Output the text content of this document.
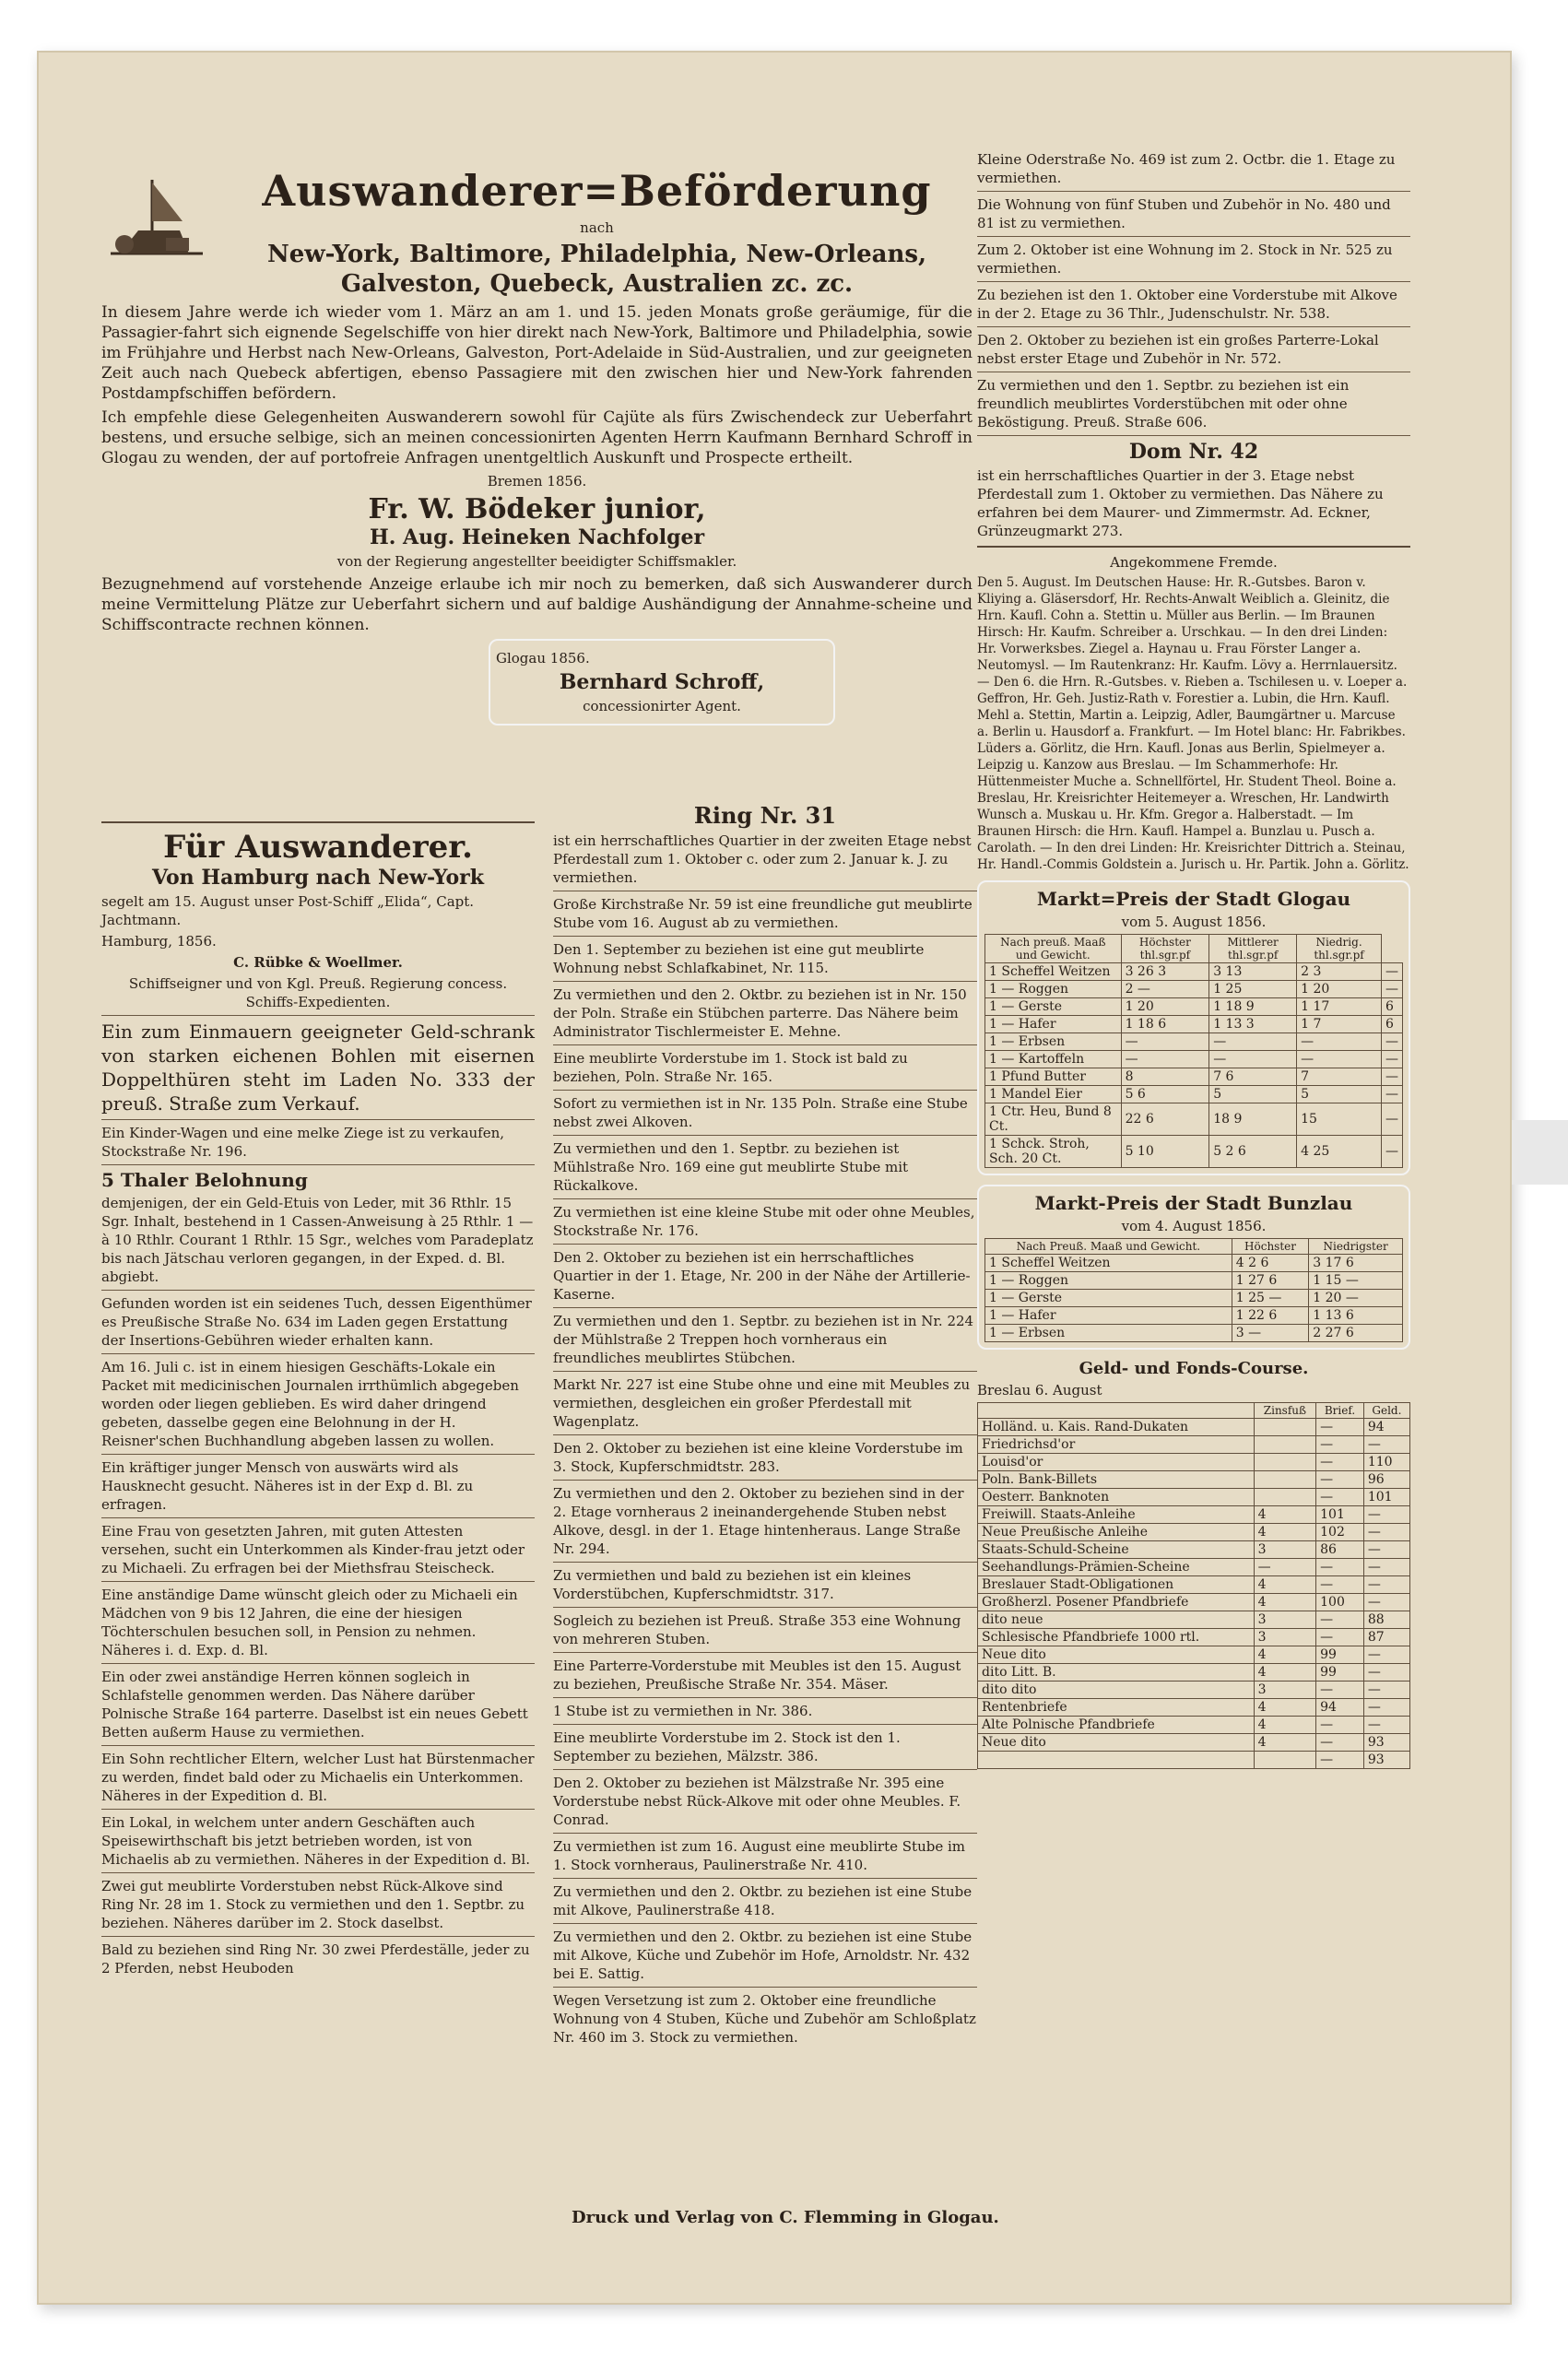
Auswanderer=Beförderung
nach
New-York, Baltimore, Philadelphia, New-Orleans, Galveston, Quebeck, Australien zc. zc.

In diesem Jahre werde ich wieder vom 1. März an am 1. und 15. jeden Monats große geräumige, für die Passagier-fahrt sich eignende Segelschiffe von hier direkt nach New-York, Baltimore und Philadelphia, sowie im Frühjahre und Herbst nach New-Orleans, Galveston, Port-Adelaide in Süd-Australien, und zur geeigneten Zeit auch nach Quebeck abfertigen, ebenso Passagiere mit den zwischen hier und New-York fahrenden Postdampfschiffen befördern.

Ich empfehle diese Gelegenheiten Auswanderern sowohl für Cajüte als fürs Zwischendeck zur Ueberfahrt bestens, und ersuche selbige, sich an meinen concessionirten Agenten Herrn Kaufmann Bernhard Schroff in Glogau zu wenden, der auf portofreie Anfragen unentgeltlich Auskunft und Prospecte ertheilt.

Bremen 1856.
Fr. W. Bödeker junior,
H. Aug. Heineken Nachfolger
von der Regierung angestellter beeidigter Schiffsmakler.

Bezugnehmend auf vorstehende Anzeige erlaube ich mir noch zu bemerken, daß sich Auswanderer durch meine Vermittelung Plätze zur Ueberfahrt sichern und auf baldige Aushändigung der Annahme-scheine und Schiffscontracte rechnen können.

Glogau 1856.
Bernhard Schroff,
concessionirter Agent.
Für Auswanderer.
Von Hamburg nach New-York

segelt am 15. August unser Post-Schiff „Elida“, Capt. Jachtmann.

Hamburg, 1856.

C. Rübke & Woellmer.

Schiffseigner und von Kgl. Preuß. Regierung concess. Schiffs-Expedienten.

Ein zum Einmauern geeigneter Geld-schrank von starken eichenen Bohlen mit eisernen Doppelthüren steht im Laden No. 333 der preuß. Straße zum Verkauf.

Ein Kinder-Wagen und eine melke Ziege ist zu verkaufen, Stockstraße Nr. 196.

5 Thaler Belohnung

demjenigen, der ein Geld-Etuis von Leder, mit 36 Rthlr. 15 Sgr. Inhalt, bestehend in 1 Cassen-Anweisung à 25 Rthlr. 1 — à 10 Rthlr. Courant 1 Rthlr. 15 Sgr., welches vom Paradeplatz bis nach Jätschau verloren gegangen, in der Exped. d. Bl. abgiebt.

Gefunden worden ist ein seidenes Tuch, dessen Eigenthümer es Preußische Straße No. 634 im Laden gegen Erstattung der Insertions-Gebühren wieder erhalten kann.

Am 16. Juli c. ist in einem hiesigen Geschäfts-Lokale ein Packet mit medicinischen Journalen irrthümlich abgegeben worden oder liegen geblieben. Es wird daher dringend gebeten, dasselbe gegen eine Belohnung in der H. Reisner'schen Buchhandlung abgeben lassen zu wollen.

Ein kräftiger junger Mensch von auswärts wird als Hausknecht gesucht. Näheres ist in der Exp d. Bl. zu erfragen.

Eine Frau von gesetzten Jahren, mit guten Attesten versehen, sucht ein Unterkommen als Kinder-frau jetzt oder zu Michaeli. Zu erfragen bei der Miethsfrau Steischeck.

Eine anständige Dame wünscht gleich oder zu Michaeli ein Mädchen von 9 bis 12 Jahren, die eine der hiesigen Töchterschulen besuchen soll, in Pension zu nehmen. Näheres i. d. Exp. d. Bl.

Ein oder zwei anständige Herren können sogleich in Schlafstelle genommen werden. Das Nähere darüber Polnische Straße 164 parterre. Daselbst ist ein neues Gebett Betten außerm Hause zu vermiethen.

Ein Sohn rechtlicher Eltern, welcher Lust hat Bürstenmacher zu werden, findet bald oder zu Michaelis ein Unterkommen. Näheres in der Expedition d. Bl.

Ein Lokal, in welchem unter andern Geschäften auch Speisewirthschaft bis jetzt betrieben worden, ist von Michaelis ab zu vermiethen. Näheres in der Expedition d. Bl.

Zwei gut meublirte Vorderstuben nebst Rück-Alkove sind Ring Nr. 28 im 1. Stock zu vermiethen und den 1. Septbr. zu beziehen. Näheres darüber im 2. Stock daselbst.

Bald zu beziehen sind Ring Nr. 30 zwei Pferdeställe, jeder zu 2 Pferden, nebst Heuboden

Ring Nr. 31

ist ein herrschaftliches Quartier in der zweiten Etage nebst Pferdestall zum 1. Oktober c. oder zum 2. Januar k. J. zu vermiethen.

Große Kirchstraße Nr. 59 ist eine freundliche gut meublirte Stube vom 16. August ab zu vermiethen.

Den 1. September zu beziehen ist eine gut meublirte Wohnung nebst Schlafkabinet, Nr. 115.

Zu vermiethen und den 2. Oktbr. zu beziehen ist in Nr. 150 der Poln. Straße ein Stübchen parterre. Das Nähere beim Administrator Tischlermeister E. Mehne.

Eine meublirte Vorderstube im 1. Stock ist bald zu beziehen, Poln. Straße Nr. 165.

Sofort zu vermiethen ist in Nr. 135 Poln. Straße eine Stube nebst zwei Alkoven.

Zu vermiethen und den 1. Septbr. zu beziehen ist Mühlstraße Nro. 169 eine gut meublirte Stube mit Rückalkove.

Zu vermiethen ist eine kleine Stube mit oder ohne Meubles, Stockstraße Nr. 176.

Den 2. Oktober zu beziehen ist ein herrschaftliches Quartier in der 1. Etage, Nr. 200 in der Nähe der Artillerie-Kaserne.

Zu vermiethen und den 1. Septbr. zu beziehen ist in Nr. 224 der Mühlstraße 2 Treppen hoch vornheraus ein freundliches meublirtes Stübchen.

Markt Nr. 227 ist eine Stube ohne und eine mit Meubles zu vermiethen, desgleichen ein großer Pferdestall mit Wagenplatz.

Den 2. Oktober zu beziehen ist eine kleine Vorderstube im 3. Stock, Kupferschmidtstr. 283.

Zu vermiethen und den 2. Oktober zu beziehen sind in der 2. Etage vornheraus 2 ineinandergehende Stuben nebst Alkove, desgl. in der 1. Etage hintenheraus. Lange Straße Nr. 294.

Zu vermiethen und bald zu beziehen ist ein kleines Vorderstübchen, Kupferschmidtstr. 317.

Sogleich zu beziehen ist Preuß. Straße 353 eine Wohnung von mehreren Stuben.

Eine Parterre-Vorderstube mit Meubles ist den 15. August zu beziehen, Preußische Straße Nr. 354. Mäser.

1 Stube ist zu vermiethen in Nr. 386.

Eine meublirte Vorderstube im 2. Stock ist den 1. September zu beziehen, Mälzstr. 386.

Den 2. Oktober zu beziehen ist Mälzstraße Nr. 395 eine Vorderstube nebst Rück-Alkove mit oder ohne Meubles. F. Conrad.

Zu vermiethen ist zum 16. August eine meublirte Stube im 1. Stock vornheraus, Paulinerstraße Nr. 410.

Zu vermiethen und den 2. Oktbr. zu beziehen ist eine Stube mit Alkove, Paulinerstraße 418.

Zu vermiethen und den 2. Oktbr. zu beziehen ist eine Stube mit Alkove, Küche und Zubehör im Hofe, Arnoldstr. Nr. 432 bei E. Sattig.

Wegen Versetzung ist zum 2. Oktober eine freundliche Wohnung von 4 Stuben, Küche und Zubehör am Schloßplatz Nr. 460 im 3. Stock zu vermiethen.

Kleine Oderstraße No. 469 ist zum 2. Octbr. die 1. Etage zu vermiethen.

Die Wohnung von fünf Stuben und Zubehör in No. 480 und 81 ist zu vermiethen.

Zum 2. Oktober ist eine Wohnung im 2. Stock in Nr. 525 zu vermiethen.

Zu beziehen ist den 1. Oktober eine Vorderstube mit Alkove in der 2. Etage zu 36 Thlr., Judenschulstr. Nr. 538.

Den 2. Oktober zu beziehen ist ein großes Parterre-Lokal nebst erster Etage und Zubehör in Nr. 572.

Zu vermiethen und den 1. Septbr. zu beziehen ist ein freundlich meublirtes Vorderstübchen mit oder ohne Beköstigung. Preuß. Straße 606.

Dom Nr. 42

ist ein herrschaftliches Quartier in der 3. Etage nebst Pferdestall zum 1. Oktober zu vermiethen. Das Nähere zu erfahren bei dem Maurer- und Zimmermstr. Ad. Eckner, Grünzeugmarkt 273.

Angekommene Fremde.

Den 5. August. Im Deutschen Hause: Hr. R.-Gutsbes. Baron v. Kliying a. Gläsersdorf, Hr. Rechts-Anwalt Weiblich a. Gleinitz, die Hrn. Kaufl. Cohn a. Stettin u. Müller aus Berlin. — Im Braunen Hirsch: Hr. Kaufm. Schreiber a. Urschkau. — In den drei Linden: Hr. Vorwerksbes. Ziegel a. Haynau u. Frau Förster Langer a. Neutomysl. — Im Rautenkranz: Hr. Kaufm. Lövy a. Herrnlauersitz. — Den 6. die Hrn. R.-Gutsbes. v. Rieben a. Tschilesen u. v. Loeper a. Geffron, Hr. Geh. Justiz-Rath v. Forestier a. Lubin, die Hrn. Kaufl. Mehl a. Stettin, Martin a. Leipzig, Adler, Baumgärtner u. Marcuse a. Berlin u. Hausdorf a. Frankfurt. — Im Hotel blanc: Hr. Fabrikbes. Lüders a. Görlitz, die Hrn. Kaufl. Jonas aus Berlin, Spielmeyer a. Leipzig u. Kanzow aus Breslau. — Im Schammerhofe: Hr. Hüttenmeister Muche a. Schnellförtel, Hr. Student Theol. Boine a. Breslau, Hr. Kreisrichter Heitemeyer a. Wreschen, Hr. Landwirth Wunsch a. Muskau u. Hr. Kfm. Gregor a. Halberstadt. — Im Braunen Hirsch: die Hrn. Kaufl. Hampel a. Bunzlau u. Pusch a. Carolath. — In den drei Linden: Hr. Kreisrichter Dittrich a. Steinau, Hr. Handl.-Commis Goldstein a. Jurisch u. Hr. Partik. John a. Görlitz.

Markt=Preis der Stadt Glogau
vom 5. August 1856.
Nach preuß. Maaß und Gewicht.	Höchster thl.sgr.pf	Mittlerer thl.sgr.pf	Niedrig. thl.sgr.pf	
1 Scheffel Weitzen	3 26 3	3 13	2 3	—
1 — Roggen	2 —	1 25	1 20	—
1 — Gerste	1 20	1 18 9	1 17	6
1 — Hafer	1 18 6	1 13 3	1 7	6
1 — Erbsen	—	—	—	—
1 — Kartoffeln	—	—	—	—
1 Pfund Butter	8	7 6	7	—
1 Mandel Eier	5 6	5	5	—
1 Ctr. Heu, Bund 8 Ct.	22 6	18 9	15	—
1 Schck. Stroh, Sch. 20 Ct.	5 10	5 2 6	4 25	—
Markt-Preis der Stadt Bunzlau
vom 4. August 1856.
Nach Preuß. Maaß und Gewicht.	Höchster	Niedrigster
1 Scheffel Weitzen	4 2 6	3 17 6
1 — Roggen	1 27 6	1 15 —
1 — Gerste	1 25 —	1 20 —
1 — Hafer	1 22 6	1 13 6
1 — Erbsen	3 —	2 27 6
Geld- und Fonds-Course.
Breslau 6. August
	Zinsfuß	Brief.	Geld.
Holländ. u. Kais. Rand-Dukaten		—	94
Friedrichsd'or		—	—
Louisd'or		—	110
Poln. Bank-Billets		—	96
Oesterr. Banknoten		—	101
Freiwill. Staats-Anleihe	4	101	—
Neue Preußische Anleihe	4	102	—
Staats-Schuld-Scheine	3	86	—
Seehandlungs-Prämien-Scheine	—	—	—
Breslauer Stadt-Obligationen	4	—	—
Großherzl. Posener Pfandbriefe	4	100	—
dito neue	3	—	88
Schlesische Pfandbriefe 1000 rtl.	3	—	87
Neue dito	4	99	—
dito Litt. B.	4	99	—
dito dito	3	—	—
Rentenbriefe	4	94	—
Alte Polnische Pfandbriefe	4	—	—
Neue dito	4	—	93
		—	93
Druck und Verlag von C. Flemming in Glogau.
